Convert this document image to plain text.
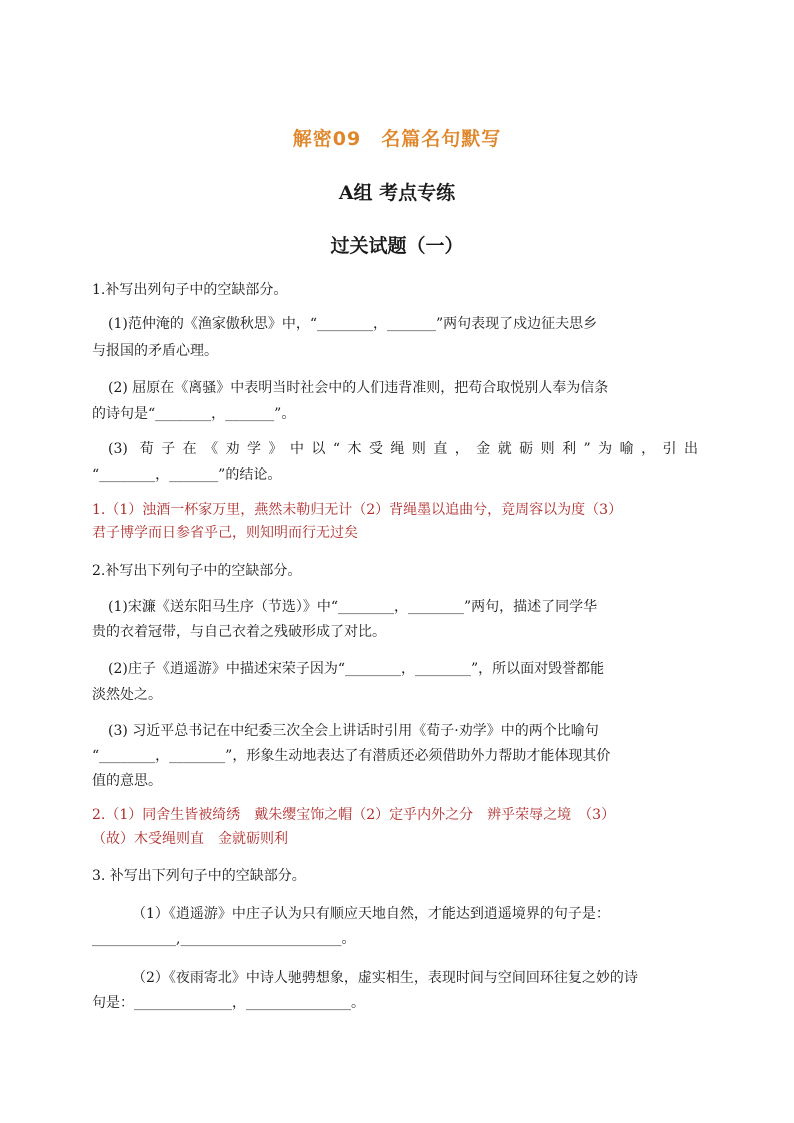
解密09　名篇名句默写
A组 考点专练
过关试题（一）
1.补写出列句子中的空缺部分。
(1)范仲淹的《渔家傲秋思》中，“________，_______”两句表现了戍边征夫思乡
与报国的矛盾心理。
(2) 屈原在《离骚》中表明当时社会中的人们违背准则，把苟合取悦别人奉为信条
的诗句是“________，_______”。
(3) 荀子在《劝学》中以“木受绳则直，金就砺则利”为喻，引出
“________，_______”的结论。
1.（1）浊酒一杯家万里，燕然未勒归无计（2）背绳墨以追曲兮，竞周容以为度（3）
君子博学而日参省乎己，则知明而行无过矣
2.补写出下列句子中的空缺部分。
(1)宋濂《送东阳马生序（节选）》中“________，________”两句，描述了同学华
贵的衣着冠带，与自己衣着之残破形成了对比。
(2)庄子《逍遥游》中描述宋荣子因为“________，________”，所以面对毁誉都能
淡然处之。
(3) 习近平总书记在中纪委三次全会上讲话时引用《荀子·劝学》中的两个比喻句
“________，________”，形象生动地表达了有潜质还必须借助外力帮助才能体现其价
值的意思。
2.（1）同舍生皆被绮绣　戴朱缨宝饰之帽（2）定乎内外之分　辨乎荣辱之境　（3）
（故）木受绳则直　金就砺则利
3. 补写出下列句子中的空缺部分。
（1）《逍遥游》中庄子认为只有顺应天地自然，才能达到逍遥境界的句子是：
____________,_______________________。
（2）《夜雨寄北》中诗人驰骋想象，虚实相生，表现时间与空间回环往复之妙的诗
句是：______________，_______________。
